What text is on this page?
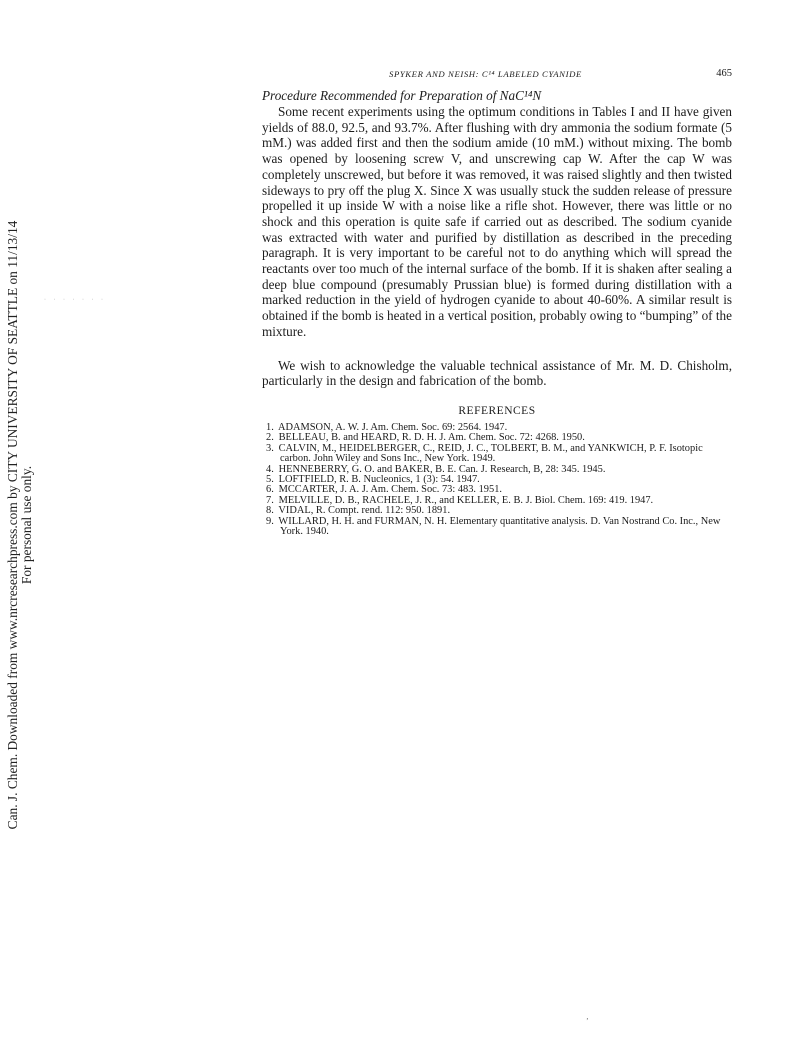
Can. J. Chem. Downloaded from www.nrcresearchpress.com by CITY UNIVERSITY OF SEATTLE on 11/13/14 For personal use only.
· · · · · · ·
SPYKER AND NEISH: C¹⁴ LABELED CYANIDE	465

Procedure Recommended for Preparation of NaC¹⁴N

Some recent experiments using the optimum conditions in Tables I and II have given yields of 88.0, 92.5, and 93.7%. After flushing with dry ammonia the sodium formate (5 mM.) was added first and then the sodium amide (10 mM.) without mixing. The bomb was opened by loosening screw V, and unscrewing cap W. After the cap W was completely unscrewed, but before it was removed, it was raised slightly and then twisted sideways to pry off the plug X. Since X was usually stuck the sudden release of pressure propelled it up inside W with a noise like a rifle shot. However, there was little or no shock and this operation is quite safe if carried out as described. The sodium cyanide was extracted with water and purified by distillation as described in the preceding paragraph. It is very important to be careful not to do anything which will spread the reactants over too much of the internal surface of the bomb. If it is shaken after sealing a deep blue compound (presumably Prussian blue) is formed during distillation with a marked reduction in the yield of hydrogen cyanide to about 40-60%. A similar result is obtained if the bomb is heated in a vertical position, probably owing to “bumping” of the mixture.

We wish to acknowledge the valuable technical assistance of Mr. M. D. Chisholm, particularly in the design and fabrication of the bomb.

REFERENCES
1. ADAMSON, A. W. J. Am. Chem. Soc. 69: 2564. 1947.
2. BELLEAU, B. and HEARD, R. D. H. J. Am. Chem. Soc. 72: 4268. 1950.
3. CALVIN, M., HEIDELBERGER, C., REID, J. C., TOLBERT, B. M., and YANKWICH, P. F. Isotopic carbon. John Wiley and Sons Inc., New York. 1949.
4. HENNEBERRY, G. O. and BAKER, B. E. Can. J. Research, B, 28: 345. 1945.
5. LOFTFIELD, R. B. Nucleonics, 1 (3): 54. 1947.
6. MCCARTER, J. A. J. Am. Chem. Soc. 73: 483. 1951.
7. MELVILLE, D. B., RACHELE, J. R., and KELLER, E. B. J. Biol. Chem. 169: 419. 1947.
8. VIDAL, R. Compt. rend. 112: 950. 1891.
9. WILLARD, H. H. and FURMAN, N. H. Elementary quantitative analysis. D. Van Nostrand Co. Inc., New York. 1940.
‚
